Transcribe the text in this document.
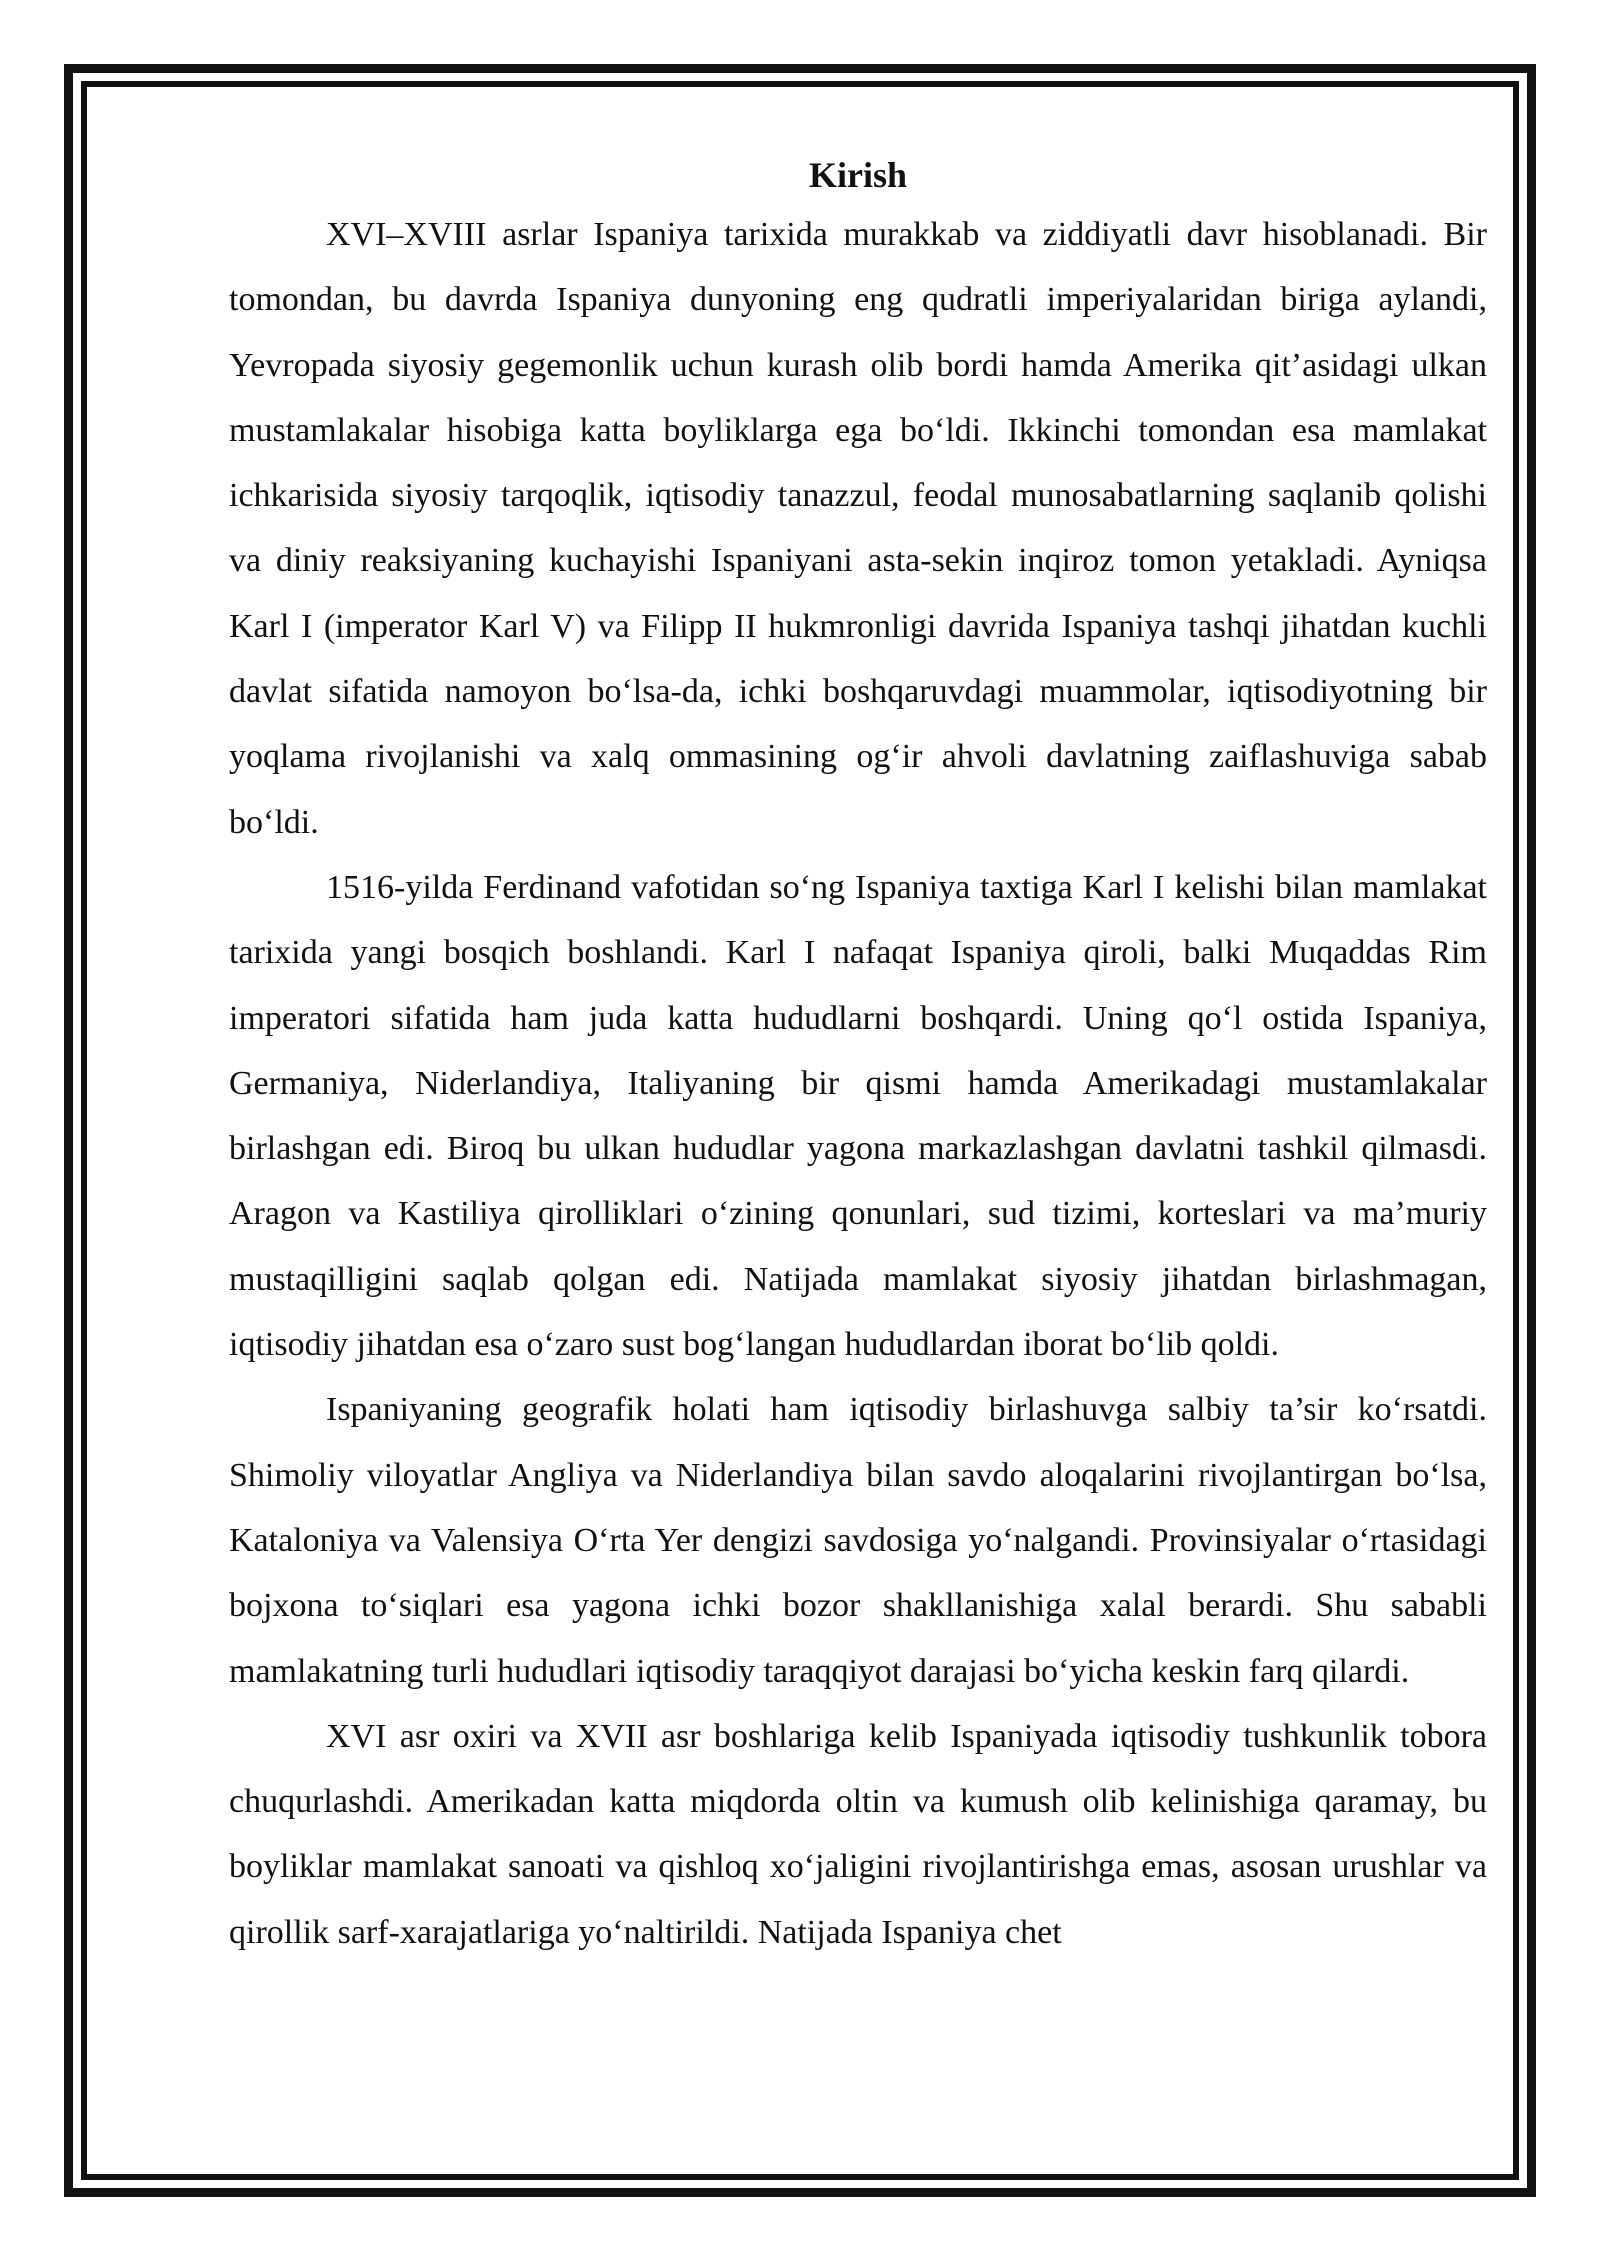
Kirish

XVI–XVIII asrlar Ispaniya tarixida murakkab va ziddiyatli davr hisoblanadi. Bir tomondan, bu davrda Ispaniya dunyoning eng qudratli imperiyalaridan biriga aylandi, Yevropada siyosiy gegemonlik uchun kurash olib bordi hamda Amerika qit’asidagi ulkan mustamlakalar hisobiga katta boyliklarga ega bo‘ldi. Ikkinchi tomondan esa mamlakat ichkarisida siyosiy tarqoqlik, iqtisodiy tanazzul, feodal munosabatlarning saqlanib qolishi va diniy reaksiyaning kuchayishi Ispaniyani asta-sekin inqiroz tomon yetakladi. Ayniqsa Karl I (imperator Karl V) va Filipp II hukmronligi davrida Ispaniya tashqi jihatdan kuchli davlat sifatida namoyon bo‘lsa-da, ichki boshqaruvdagi muammolar, iqtisodiyotning bir yoqlama rivojlanishi va xalq ommasining og‘ir ahvoli davlatning zaiflashuviga sabab bo‘ldi.

1516-yilda Ferdinand vafotidan so‘ng Ispaniya taxtiga Karl I kelishi bilan mamlakat tarixida yangi bosqich boshlandi. Karl I nafaqat Ispaniya qiroli, balki Muqaddas Rim imperatori sifatida ham juda katta hududlarni boshqardi. Uning qo‘l ostida Ispaniya, Germaniya, Niderlandiya, Italiyaning bir qismi hamda Amerikadagi mustamlakalar birlashgan edi. Biroq bu ulkan hududlar yagona markazlashgan davlatni tashkil qilmasdi. Aragon va Kastiliya qirolliklari o‘zining qonunlari, sud tizimi, korteslari va ma’muriy mustaqilligini saqlab qolgan edi. Natijada mamlakat siyosiy jihatdan birlashmagan, iqtisodiy jihatdan esa o‘zaro sust bog‘langan hududlardan iborat bo‘lib qoldi.

Ispaniyaning geografik holati ham iqtisodiy birlashuvga salbiy ta’sir ko‘rsatdi. Shimoliy viloyatlar Angliya va Niderlandiya bilan savdo aloqalarini rivojlantirgan bo‘lsa, Kataloniya va Valensiya O‘rta Yer dengizi savdosiga yo‘nalgandi. Provinsiyalar o‘rtasidagi bojxona to‘siqlari esa yagona ichki bozor shakllanishiga xalal berardi. Shu sababli mamlakatning turli hududlari iqtisodiy taraqqiyot darajasi bo‘yicha keskin farq qilardi.

XVI asr oxiri va XVII asr boshlariga kelib Ispaniyada iqtisodiy tushkunlik tobora chuqurlashdi. Amerikadan katta miqdorda oltin va kumush olib kelinishiga qaramay, bu boyliklar mamlakat sanoati va qishloq xo‘jaligini rivojlantirishga emas, asosan urushlar va qirollik sarf-xarajatlariga yo‘naltirildi. Natijada Ispaniya chet
